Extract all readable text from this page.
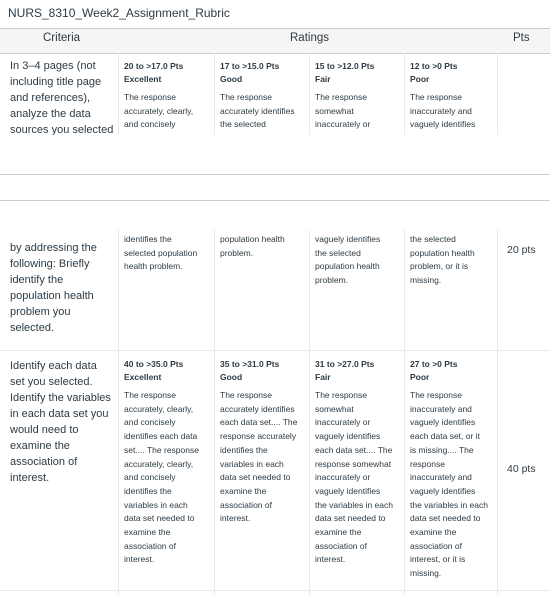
NURS_8310_Week2_Assignment_Rubric
Criteria	Ratings	Pts
In 3–4 pages (not
including title page
and references),
analyze the data
sources you selected
20 to >17.0 Pts
Excellent
The response
accurately, clearly,
and concisely
17 to >15.0 Pts
Good
The response
accurately identifies
the selected
15 to >12.0 Pts
Fair
The response
somewhat
inaccurately or
12 to >0 Pts
Poor
The response
inaccurately and
vaguely identifies
by addressing the
following: Briefly
identify the
population health
problem you
selected.
identifies the
selected population
health problem.
population health
problem.
vaguely identifies
the selected
population health
problem.
the selected
population health
problem, or it is
missing.
20 pts
Identify each data
set you selected.
Identify the variables
in each data set you
would need to
examine the
association of
interest.
40 to >35.0 Pts
Excellent
The response
accurately, clearly,
and concisely
identifies each data
set.... The response
accurately, clearly,
and concisely
identifies the
variables in each
data set needed to
examine the
association of
interest.
35 to >31.0 Pts
Good
The response
accurately identifies
each data set.... The
response accurately
identifies the
variables in each
data set needed to
examine the
association of
interest.
31 to >27.0 Pts
Fair
The response
somewhat
inaccurately or
vaguely identifies
each data set.... The
response somewhat
inaccurately or
vaguely identifies
the variables in each
data set needed to
examine the
association of
interest.
27 to >0 Pts
Poor
The response
inaccurately and
vaguely identifies
each data set, or it
is missing.... The
response
inaccurately and
vaguely identifies
the variables in each
data set needed to
examine the
association of
interest, or it is
missing.
40 pts
